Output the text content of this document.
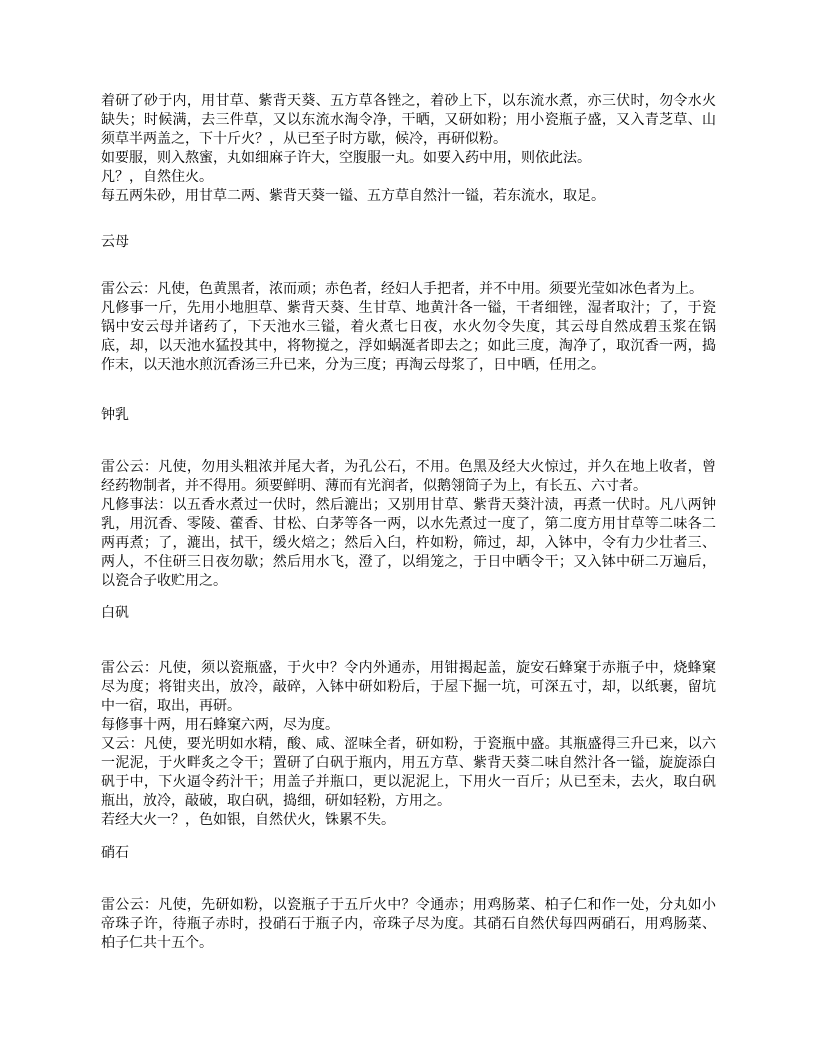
着研了砂于内，用甘草、紫背天葵、五方草各锉之，着砂上下，以东流水煮，亦三伏时，勿令水火缺失；时候满，去三件草，又以东流水淘令净，干晒，又研如粉；用小瓷瓶子盛，又入青芝草、山须草半两盖之，下十斤火？，从已至子时方歇，候冷，再研似粉。

如要服，则入熬蜜，丸如细麻子许大，空腹服一丸。如要入药中用，则依此法。

凡？，自然住火。

每五两朱砂，用甘草二两、紫背天葵一镒、五方草自然汁一镒，若东流水，取足。

云母

雷公云：凡使，色黄黑者，浓而顽；赤色者，经妇人手把者，并不中用。须要光莹如冰色者为上。

凡修事一斤，先用小地胆草、紫背天葵、生甘草、地黄汁各一镒，干者细锉，湿者取汁；了，于瓷锅中安云母并诸药了，下天池水三镒，着火煮七日夜，水火勿令失度，其云母自然成碧玉浆在锅底，却，以天池水猛投其中，将物搅之，浮如蜗涎者即去之；如此三度，淘净了，取沉香一两，捣作末，以天池水煎沉香汤三升已来，分为三度；再淘云母浆了，日中晒，任用之。

钟乳

雷公云：凡使，勿用头粗浓并尾大者，为孔公石，不用。色黑及经大火惊过，并久在地上收者，曾经药物制者，并不得用。须要鲜明、薄而有光润者，似鹅翎筒子为上，有长五、六寸者。

凡修事法：以五香水煮过一伏时，然后漉出；又别用甘草、紫背天葵汁渍，再煮一伏时。凡八两钟乳，用沉香、零陵、藿香、甘松、白茅等各一两，以水先煮过一度了，第二度方用甘草等二味各二两再煮；了，漉出，拭干，缓火焙之；然后入臼，杵如粉，筛过，却，入钵中，令有力少壮者三、两人，不住研三日夜勿歇；然后用水飞，澄了，以绢笼之，于日中晒令干；又入钵中研二万遍后，以瓷合子收贮用之。

白矾

雷公云：凡使，须以瓷瓶盛，于火中？令内外通赤，用钳揭起盖，旋安石蜂窠于赤瓶子中，烧蜂窠尽为度；将钳夹出，放冷，敲碎，入钵中研如粉后，于屋下掘一坑，可深五寸，却，以纸裹，留坑中一宿，取出，再研。

每修事十两，用石蜂窠六两，尽为度。

又云：凡使，要光明如水精，酸、咸、涩味全者，研如粉，于瓷瓶中盛。其瓶盛得三升已来，以六一泥泥，于火畔炙之令干；置研了白矾于瓶内，用五方草、紫背天葵二味自然汁各一镒，旋旋添白矾于中，下火逼令药汁干；用盖子并瓶口，更以泥泥上，下用火一百斤；从已至未，去火，取白矾瓶出，放冷，敲破，取白矾，捣细，研如轻粉，方用之。

若经大火一？，色如银，自然伏火，铢累不失。

硝石

雷公云：凡使，先研如粉，以瓷瓶子于五斤火中？令通赤；用鸡肠菜、柏子仁和作一处，分丸如小帝珠子许，待瓶子赤时，投硝石于瓶子内，帝珠子尽为度。其硝石自然伏每四两硝石，用鸡肠菜、柏子仁共十五个。
